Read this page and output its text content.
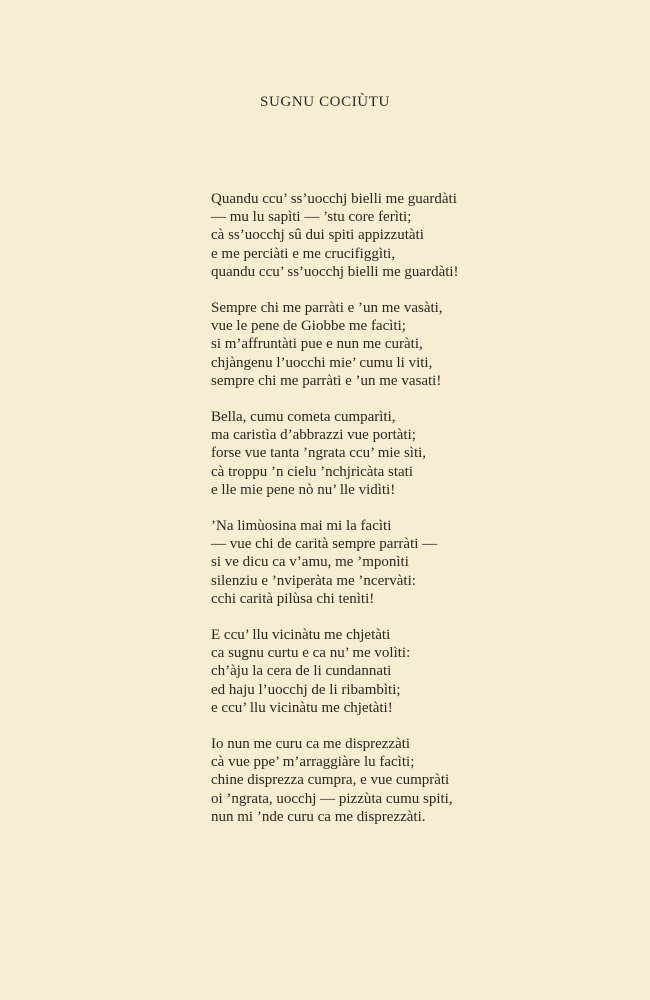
SUGNU COCIÙTU
Quandu ccu’ ss’uocchj bielli me guardàti
— mu lu sapìti — ’stu core ferìti;
cà ss’uocchj sû dui spiti appizzutàti
e me perciàti e me crucifiggìti,
quandu ccu’ ss’uocchj bielli me guardàti!
Sempre chi me parràti e ’un me vasàti,
vue le pene de Giobbe me facìti;
si m’affruntàti pue e nun me curàti,
chjàngenu l’uocchi mie’ cumu li viti,
sempre chi me parràti e ’un me vasati!
Bella, cumu cometa cumparìti,
ma caristìa d’abbrazzi vue portàti;
forse vue tanta ’ngrata ccu’ mie sìti,
cà troppu ’n cielu ’nchjricàta stati
e lle mie pene nò nu’ lle vidìti!
’Na limùosina mai mi la facìti
— vue chi de carità sempre parràti —
si ve dicu ca v’amu, me ’mponìti
silenziu e ’nviperàta me ’ncervàti:
cchi carità pilùsa chi tenìti!
E ccu’ llu vicinàtu me chjetàti
ca sugnu curtu e ca nu’ me volìti:
ch’àju la cera de li cundannati
ed haju l’uocchj de li ribambìti;
e ccu’ llu vicinàtu me chjetàti!
Io nun me curu ca me disprezzàti
cà vue ppe’ m’arraggiàre lu facìti;
chine disprezza cumpra, e vue cumpràti
oi ’ngrata, uocchj — pizzùta cumu spiti,
nun mi ’nde curu ca me disprezzàti.
